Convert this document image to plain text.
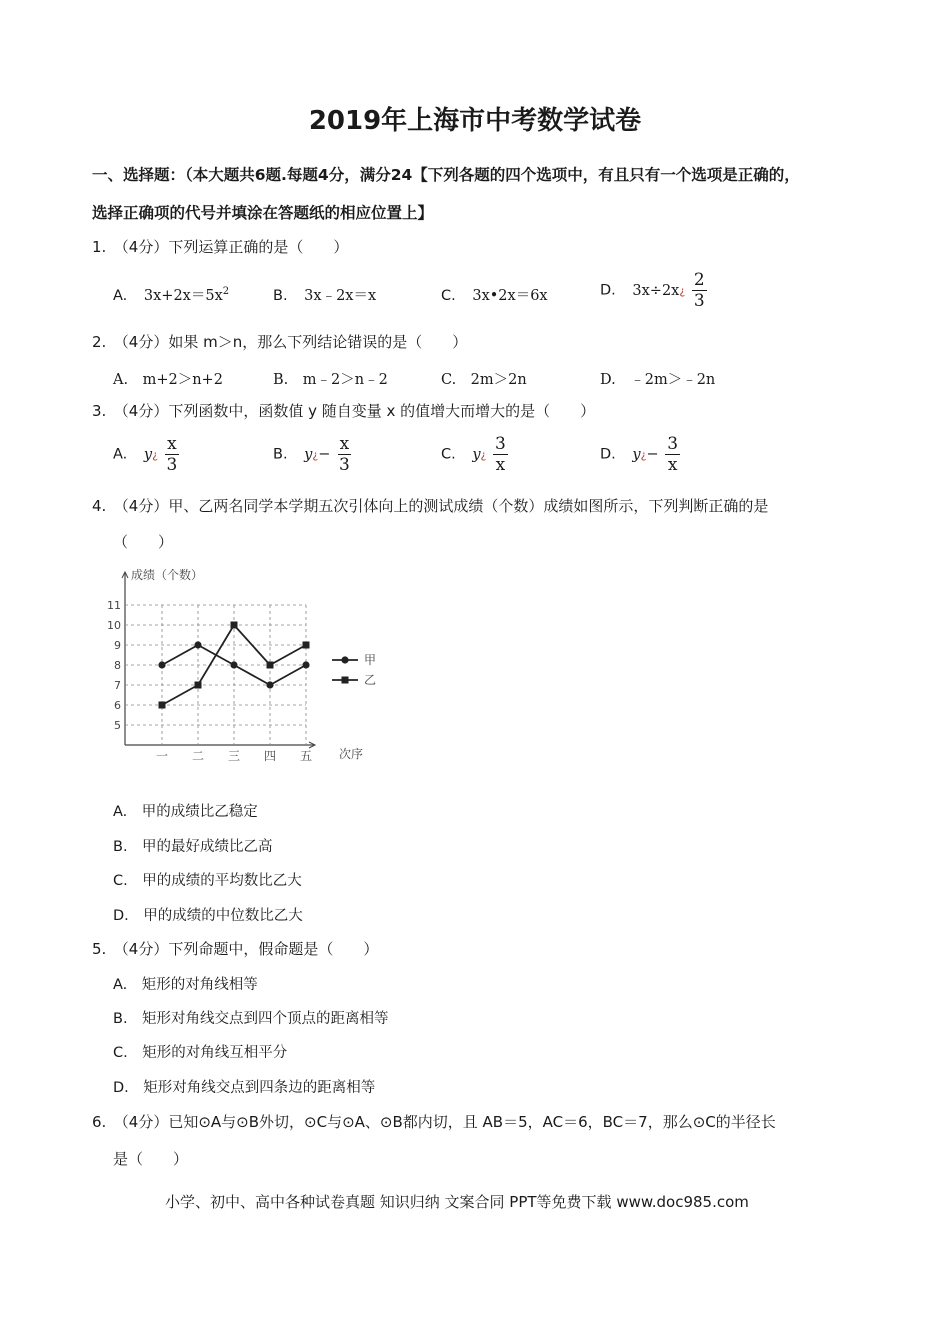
2019年上海市中考数学试卷
一、选择题：（本大题共6题.每题4分，满分24【下列各题的四个选项中，有且只有一个选项是正确的，
选择正确项的代号并填涂在答题纸的相应位置上】
1.　（4分）下列运算正确的是（　　）
A. $3x+2x=5x^2$	B. 3x﹣2x＝x	C. 3x•2x＝6x	D. 3x÷2x¿ $\frac{2}{3}$
2.　（4分）如果 m＞n，那么下列结论错误的是（　　）
A.　m+2＞n+2	B.　m﹣2＞n﹣2	C.　2m＞2n	D.　﹣2m＞﹣2n
3.　（4分）下列函数中，函数值 y 随自变量 x 的值增大而增大的是（　　）
A. y¿ $\frac{x}{3}$	B. y¿− $\frac{x}{3}$	C. y¿ $\frac{3}{x}$	D. y¿− $\frac{3}{x}$
4.　（4分）甲、乙两名同学本学期五次引体向上的测试成绩（个数）成绩如图所示，下列判断正确的是
（　　）
成绩（个数）
次序
5
6
7
8
9
10
11
一 二 三 四 五
甲
乙
A.　甲的成绩比乙稳定
B.　甲的最好成绩比乙高
C.　甲的成绩的平均数比乙大
D.　甲的成绩的中位数比乙大
5.　（4分）下列命题中，假命题是（　　）
A.　矩形的对角线相等
B.　矩形对角线交点到四个顶点的距离相等
C.　矩形的对角线互相平分
D.　矩形对角线交点到四条边的距离相等
6.　（4分）已知⊙A与⊙B外切，⊙C与⊙A、⊙B都内切，且 AB＝5，AC＝6，BC＝7，那么⊙C的半径长
是（　　）
小学、初中、高中各种试卷真题 知识归纳 文案合同 PPT等免费下载 www.doc985.com
